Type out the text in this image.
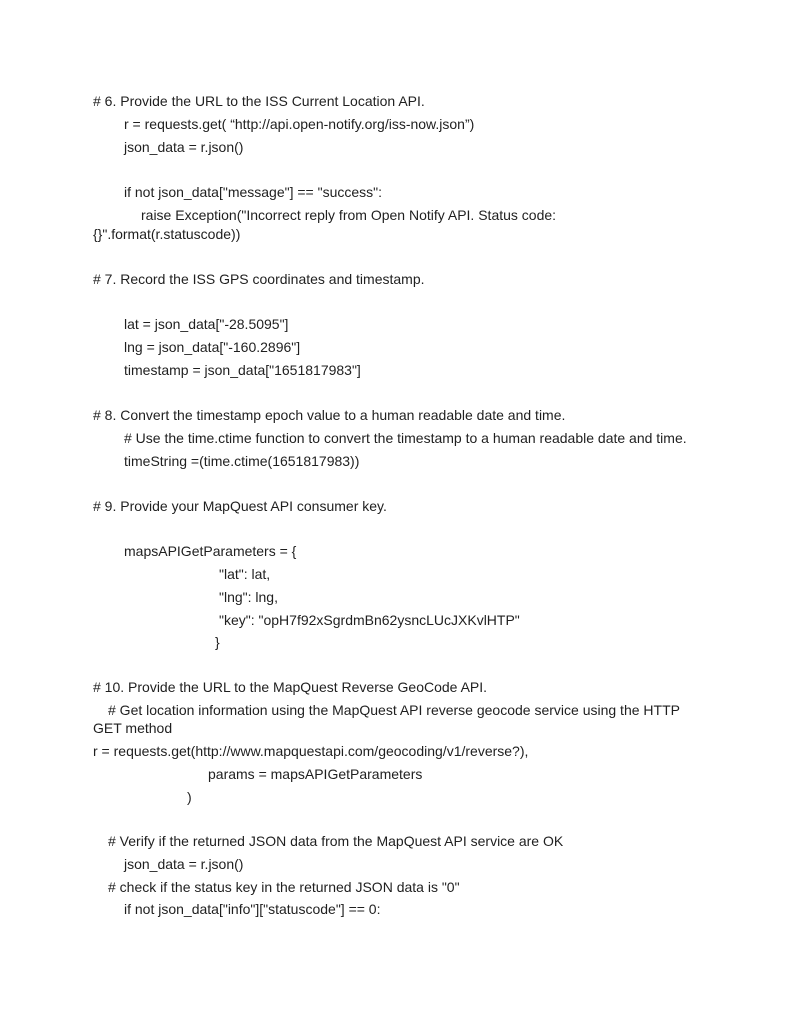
# 6. Provide the URL to the ISS Current Location API.
r = requests.get( “http://api.open-notify.org/iss-now.json”)
json_data = r.json()
if not json_data["message"] == "success":
raise Exception("Incorrect reply from Open Notify API. Status code:
{}".format(r.statuscode))
# 7. Record the ISS GPS coordinates and timestamp.
lat = json_data["-28.5095"]
lng = json_data["-160.2896"]
timestamp = json_data["1651817983"]
# 8. Convert the timestamp epoch value to a human readable date and time.
# Use the time.ctime function to convert the timestamp to a human readable date and time.
timeString =(time.ctime(1651817983))
# 9. Provide your MapQuest API consumer key.
mapsAPIGetParameters = {
"lat": lat,
"lng": lng,
"key": "opH7f92xSgrdmBn62ysncLUcJXKvlHTP"
}
# 10. Provide the URL to the MapQuest Reverse GeoCode API.
# Get location information using the MapQuest API reverse geocode service using the HTTP
GET method
r = requests.get(http://www.mapquestapi.com/geocoding/v1/reverse?),
params = mapsAPIGetParameters
)
# Verify if the returned JSON data from the MapQuest API service are OK
json_data = r.json()
# check if the status key in the returned JSON data is "0"
if not json_data["info"]["statuscode"] == 0:
